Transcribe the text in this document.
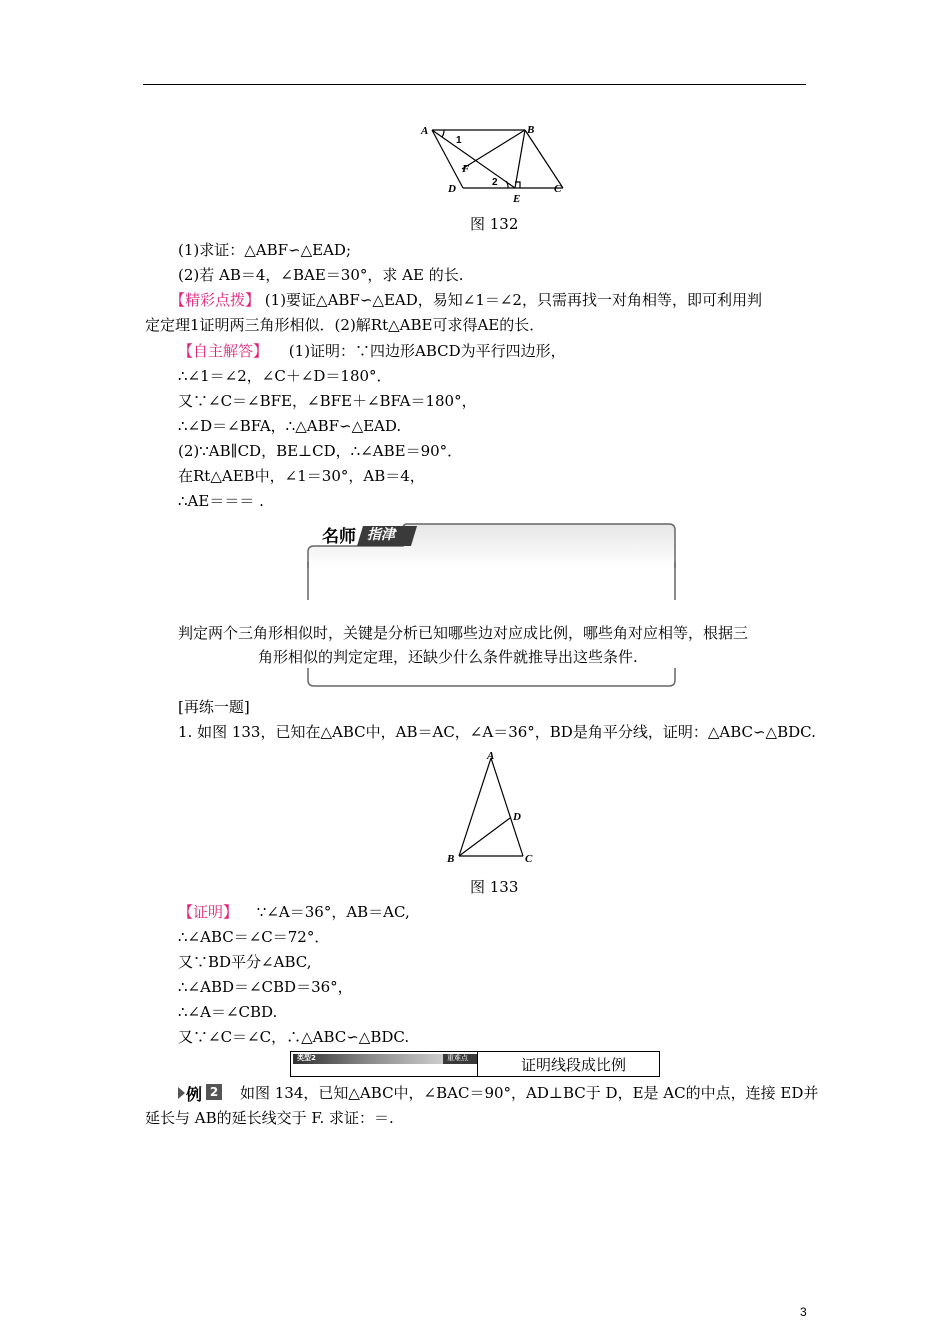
A	B
C
D
E
F
1
2
图 132
(1)求证：△ABF∽△EAD;
(2)若 AB＝4，∠BAE＝30°，求 AE 的长.
【精彩点拨】 (1)要证△ABF∽△EAD，易知∠1＝∠2，只需再找一对角相等，即可利用判
定定理1证明两三角形相似．(2)解Rt△ABE可求得AE的长．
【自主解答】 (1)证明：∵四边形ABCD为平行四边形，
∴∠1＝∠2，∠C＋∠D＝180°．
又∵∠C＝∠BFE，∠BFE＋∠BFA＝180°，
∴∠D＝∠BFA，∴△ABF∽△EAD.
(2)∵AB∥CD，BE⊥CD，∴∠ABE＝90°．
在Rt△AEB中，∠1＝30°，AB＝4，
∴AE＝＝＝ .
名师 指津
判定两个三角形相似时，关键是分析已知哪些边对应成比例，哪些角对应相等，根据三
角形相似的判定定理，还缺少什么条件就推导出这些条件.
[再练一题]
1. 如图 133，已知在△ABC中，AB＝AC，∠A＝36°，BD是角平分线，证明：△ABC∽△BDC.
A
B	C
D
图 133
【证明】 ∵∠A＝36°，AB＝AC,
∴∠ABC＝∠C＝72°．
又∵BD平分∠ABC,
∴∠ABD＝∠CBD＝36°，
∴∠A＝∠CBD.
又∵∠C＝∠C，∴△ABC∽△BDC.
类型2	重难点	证明线段成比例
例 2 如图 134，已知△ABC中，∠BAC＝90°，AD⊥BC于 D，E是 AC的中点，连接 ED并
延长与 AB的延长线交于 F. 求证：＝.
3
